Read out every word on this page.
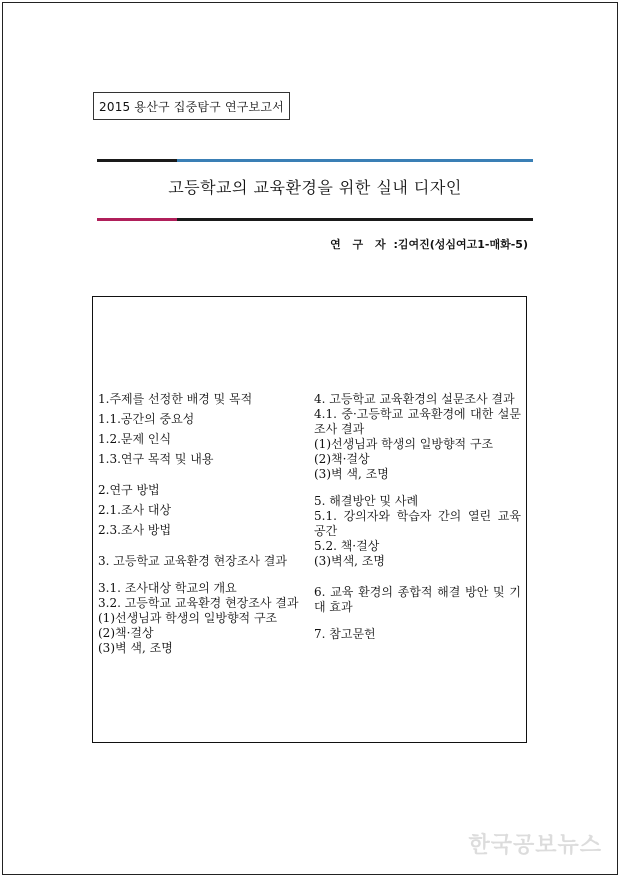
2015 용산구 집중탐구 연구보고서
고등학교의 교육환경을 위한 실내 디자인
연 구 자 :김여진(성심여고1-매화-5)

1.주제를 선정한 배경 및 목적

1.1.공간의 중요성

1.2.문제 인식

1.3.연구 목적 및 내용

2.연구 방법

2.1.조사 대상

2.3.조사 방법

3. 고등학교 교육환경 현장조사 결과

3.1. 조사대상 학교의 개요

3.2. 고등학교 교육환경 현장조사 결과

(1)선생님과 학생의 일방향적 구조

(2)책·걸상

(3)벽 색, 조명

4. 고등학교 교육환경의 설문조사 결과

4.1. 중·고등학교 교육환경에 대한 설문조사 결과

(1)선생님과 학생의 일방향적 구조

(2)책·걸상

(3)벽 색, 조명

5. 해결방안 및 사례

5.1. 강의자와 학습자 간의 열린 교육 공간

5.2. 책·걸상

(3)벽색, 조명

6. 교육 환경의 종합적 해결 방안 및 기대 효과

7. 참고문헌

한국공보뉴스
